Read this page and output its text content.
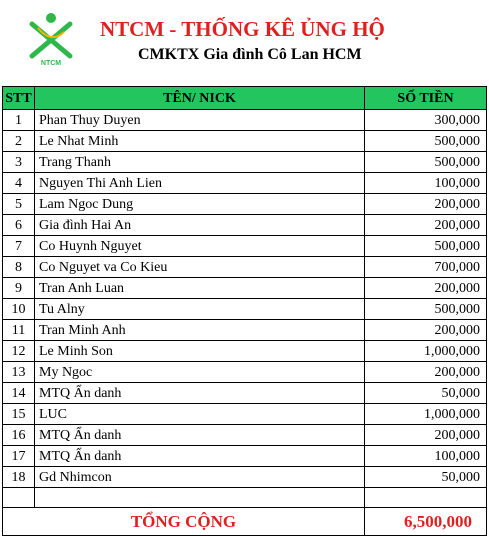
NTCM
NTCM - THỐNG KÊ ỦNG HỘ
CMKTX Gia đình Cô Lan HCM
STT	TÊN/ NICK	SỐ TIỀN
1	Phan Thuy Duyen	300,000
2	Le Nhat Minh	500,000
3	Trang Thanh	500,000
4	Nguyen Thi Anh Lien	100,000
5	Lam Ngoc Dung	200,000
6	Gia đình Hai An	200,000
7	Co Huynh Nguyet	500,000
8	Co Nguyet va Co Kieu	700,000
9	Tran Anh Luan	200,000
10	Tu Alny	500,000
11	Tran Minh Anh	200,000
12	Le Minh Son	1,000,000
13	My Ngoc	200,000
14	MTQ Ẩn danh	50,000
15	LUC	1,000,000
16	MTQ Ẩn danh	200,000
17	MTQ Ẩn danh	100,000
18	Gd Nhimcon	50,000

TỔNG CỘNG		6,500,000
